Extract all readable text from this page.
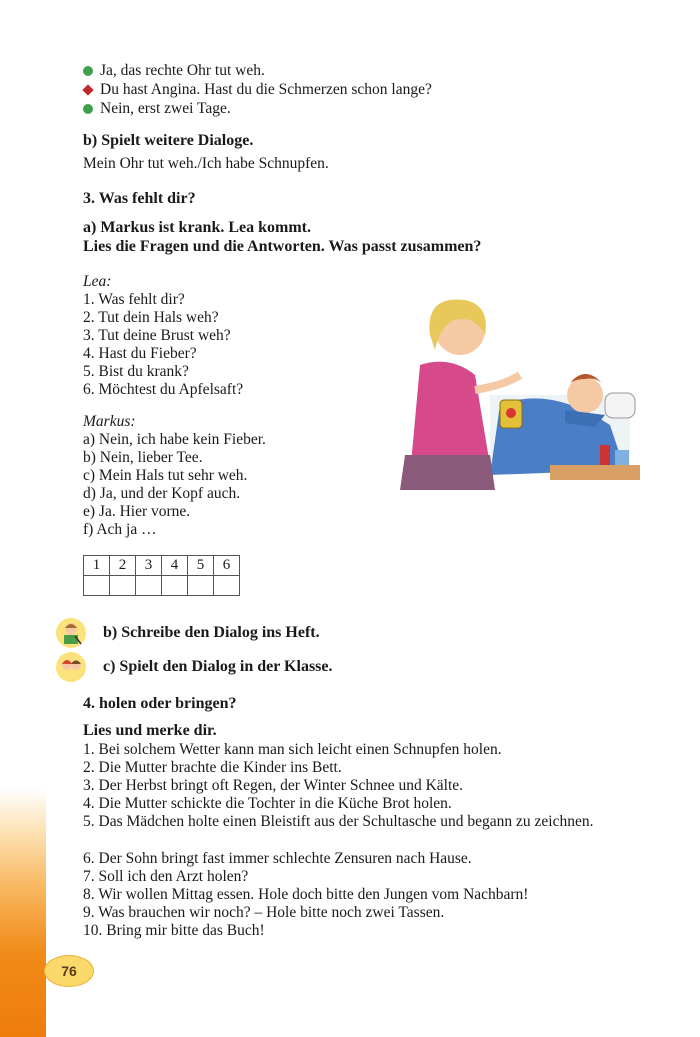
Ja, das rechte Ohr tut weh.
Du hast Angina. Hast du die Schmerzen schon lange?
Nein, erst zwei Tage.
b) Spielt weitere Dialoge.
Mein Ohr tut weh./Ich habe Schnupfen.
3. Was fehlt dir?
a) Markus ist krank. Lea kommt.
Lies die Fragen und die Antworten. Was passt zusammen?
Lea:
1. Was fehlt dir?
2. Tut dein Hals weh?
3. Tut deine Brust weh?
4. Hast du Fieber?
5. Bist du krank?
6. Möchtest du Apfelsaft?
Markus:
a) Nein, ich habe kein Fieber.
b) Nein, lieber Tee.
c) Mein Hals tut sehr weh.
d) Ja, und der Kopf auch.
e) Ja. Hier vorne.
f) Ach ja …
1	2	3	4	5	6

b) Schreibe den Dialog ins Heft.
c) Spielt den Dialog in der Klasse.
4. holen oder bringen?
Lies und merke dir.
1. Bei solchem Wetter kann man sich leicht einen Schnupfen holen.
2. Die Mutter brachte die Kinder ins Bett.
3. Der Herbst bringt oft Regen, der Winter Schnee und Kälte.
4. Die Mutter schickte die Tochter in die Küche Brot holen.
5. Das Mädchen holte einen Bleistift aus der Schultasche und begann zu zeichnen.
6. Der Sohn bringt fast immer schlechte Zensuren nach Hause.
7. Soll ich den Arzt holen?
8. Wir wollen Mittag essen. Hole doch bitte den Jungen vom Nachbarn!
9. Was brauchen wir noch? – Hole bitte noch zwei Tassen.
10. Bring mir bitte das Buch!
76
